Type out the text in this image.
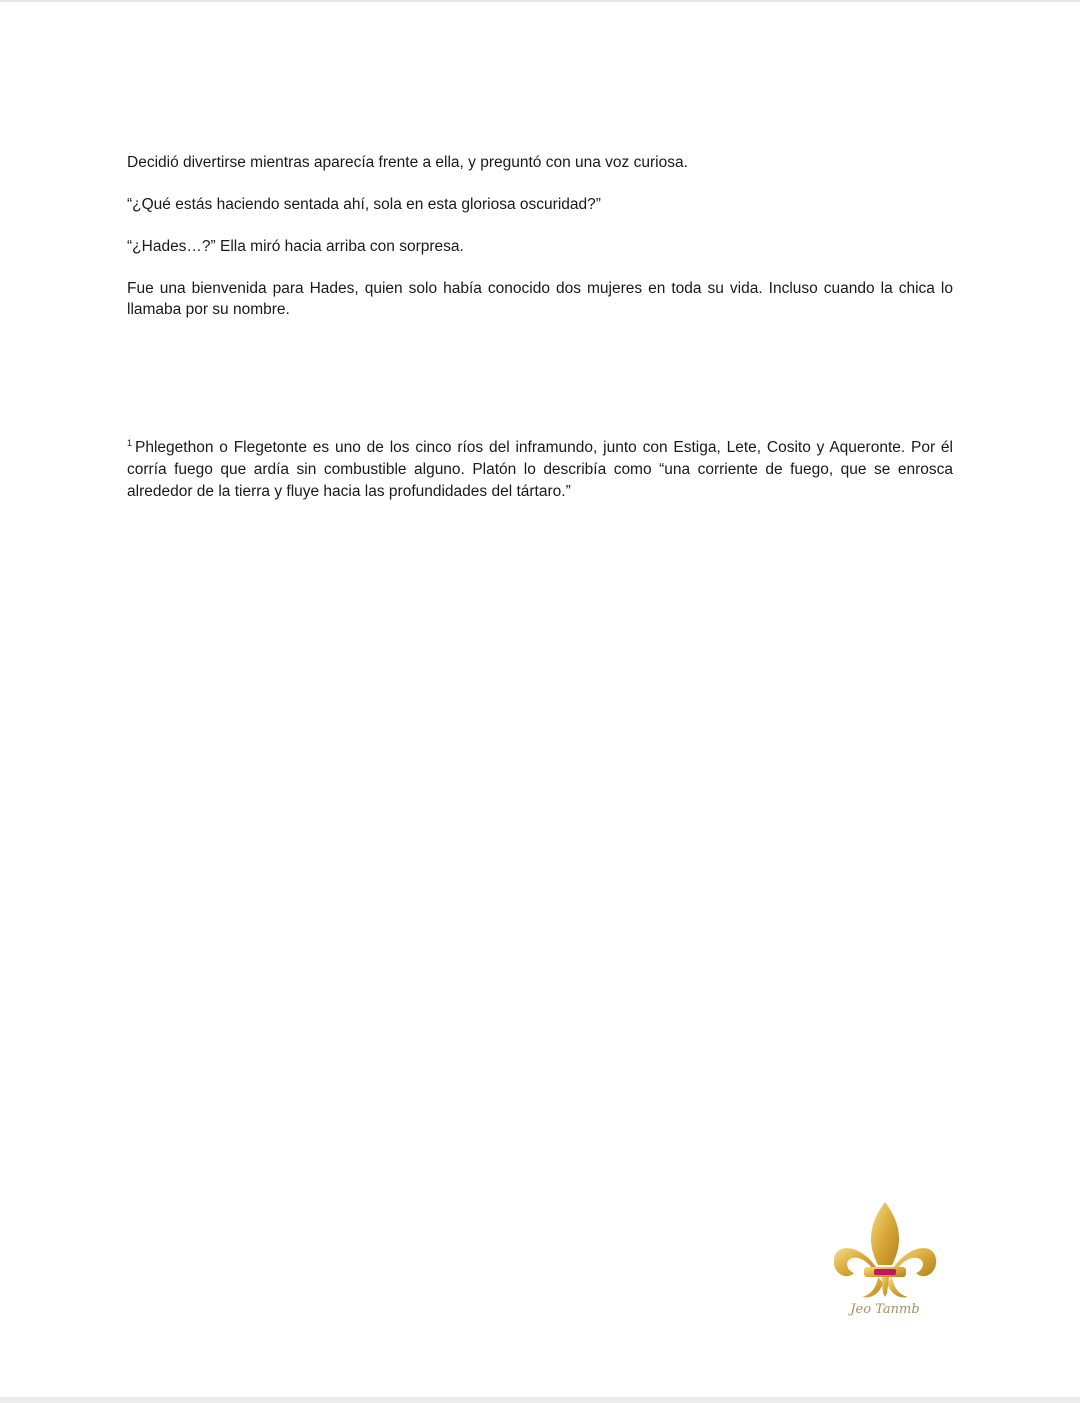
Decidió divertirse mientras aparecía frente a ella, y preguntó con una voz curiosa.

“¿Qué estás haciendo sentada ahí, sola en esta gloriosa oscuridad?”

“¿Hades…?” Ella miró hacia arriba con sorpresa.

Fue una bienvenida para Hades, quien solo había conocido dos mujeres en toda su vida. Incluso cuando la chica lo llamaba por su nombre.

$^1$ Phlegethon o Flegetonte es uno de los cinco ríos del inframundo, junto con Estiga, Lete, Cosito y Aqueronte. Por él corría fuego que ardía sin combustible alguno. Platón lo describía como “una corriente de fuego, que se enrosca alrededor de la tierra y fluye hacia las profundidades del tártaro.”
Jeo Tanmb
